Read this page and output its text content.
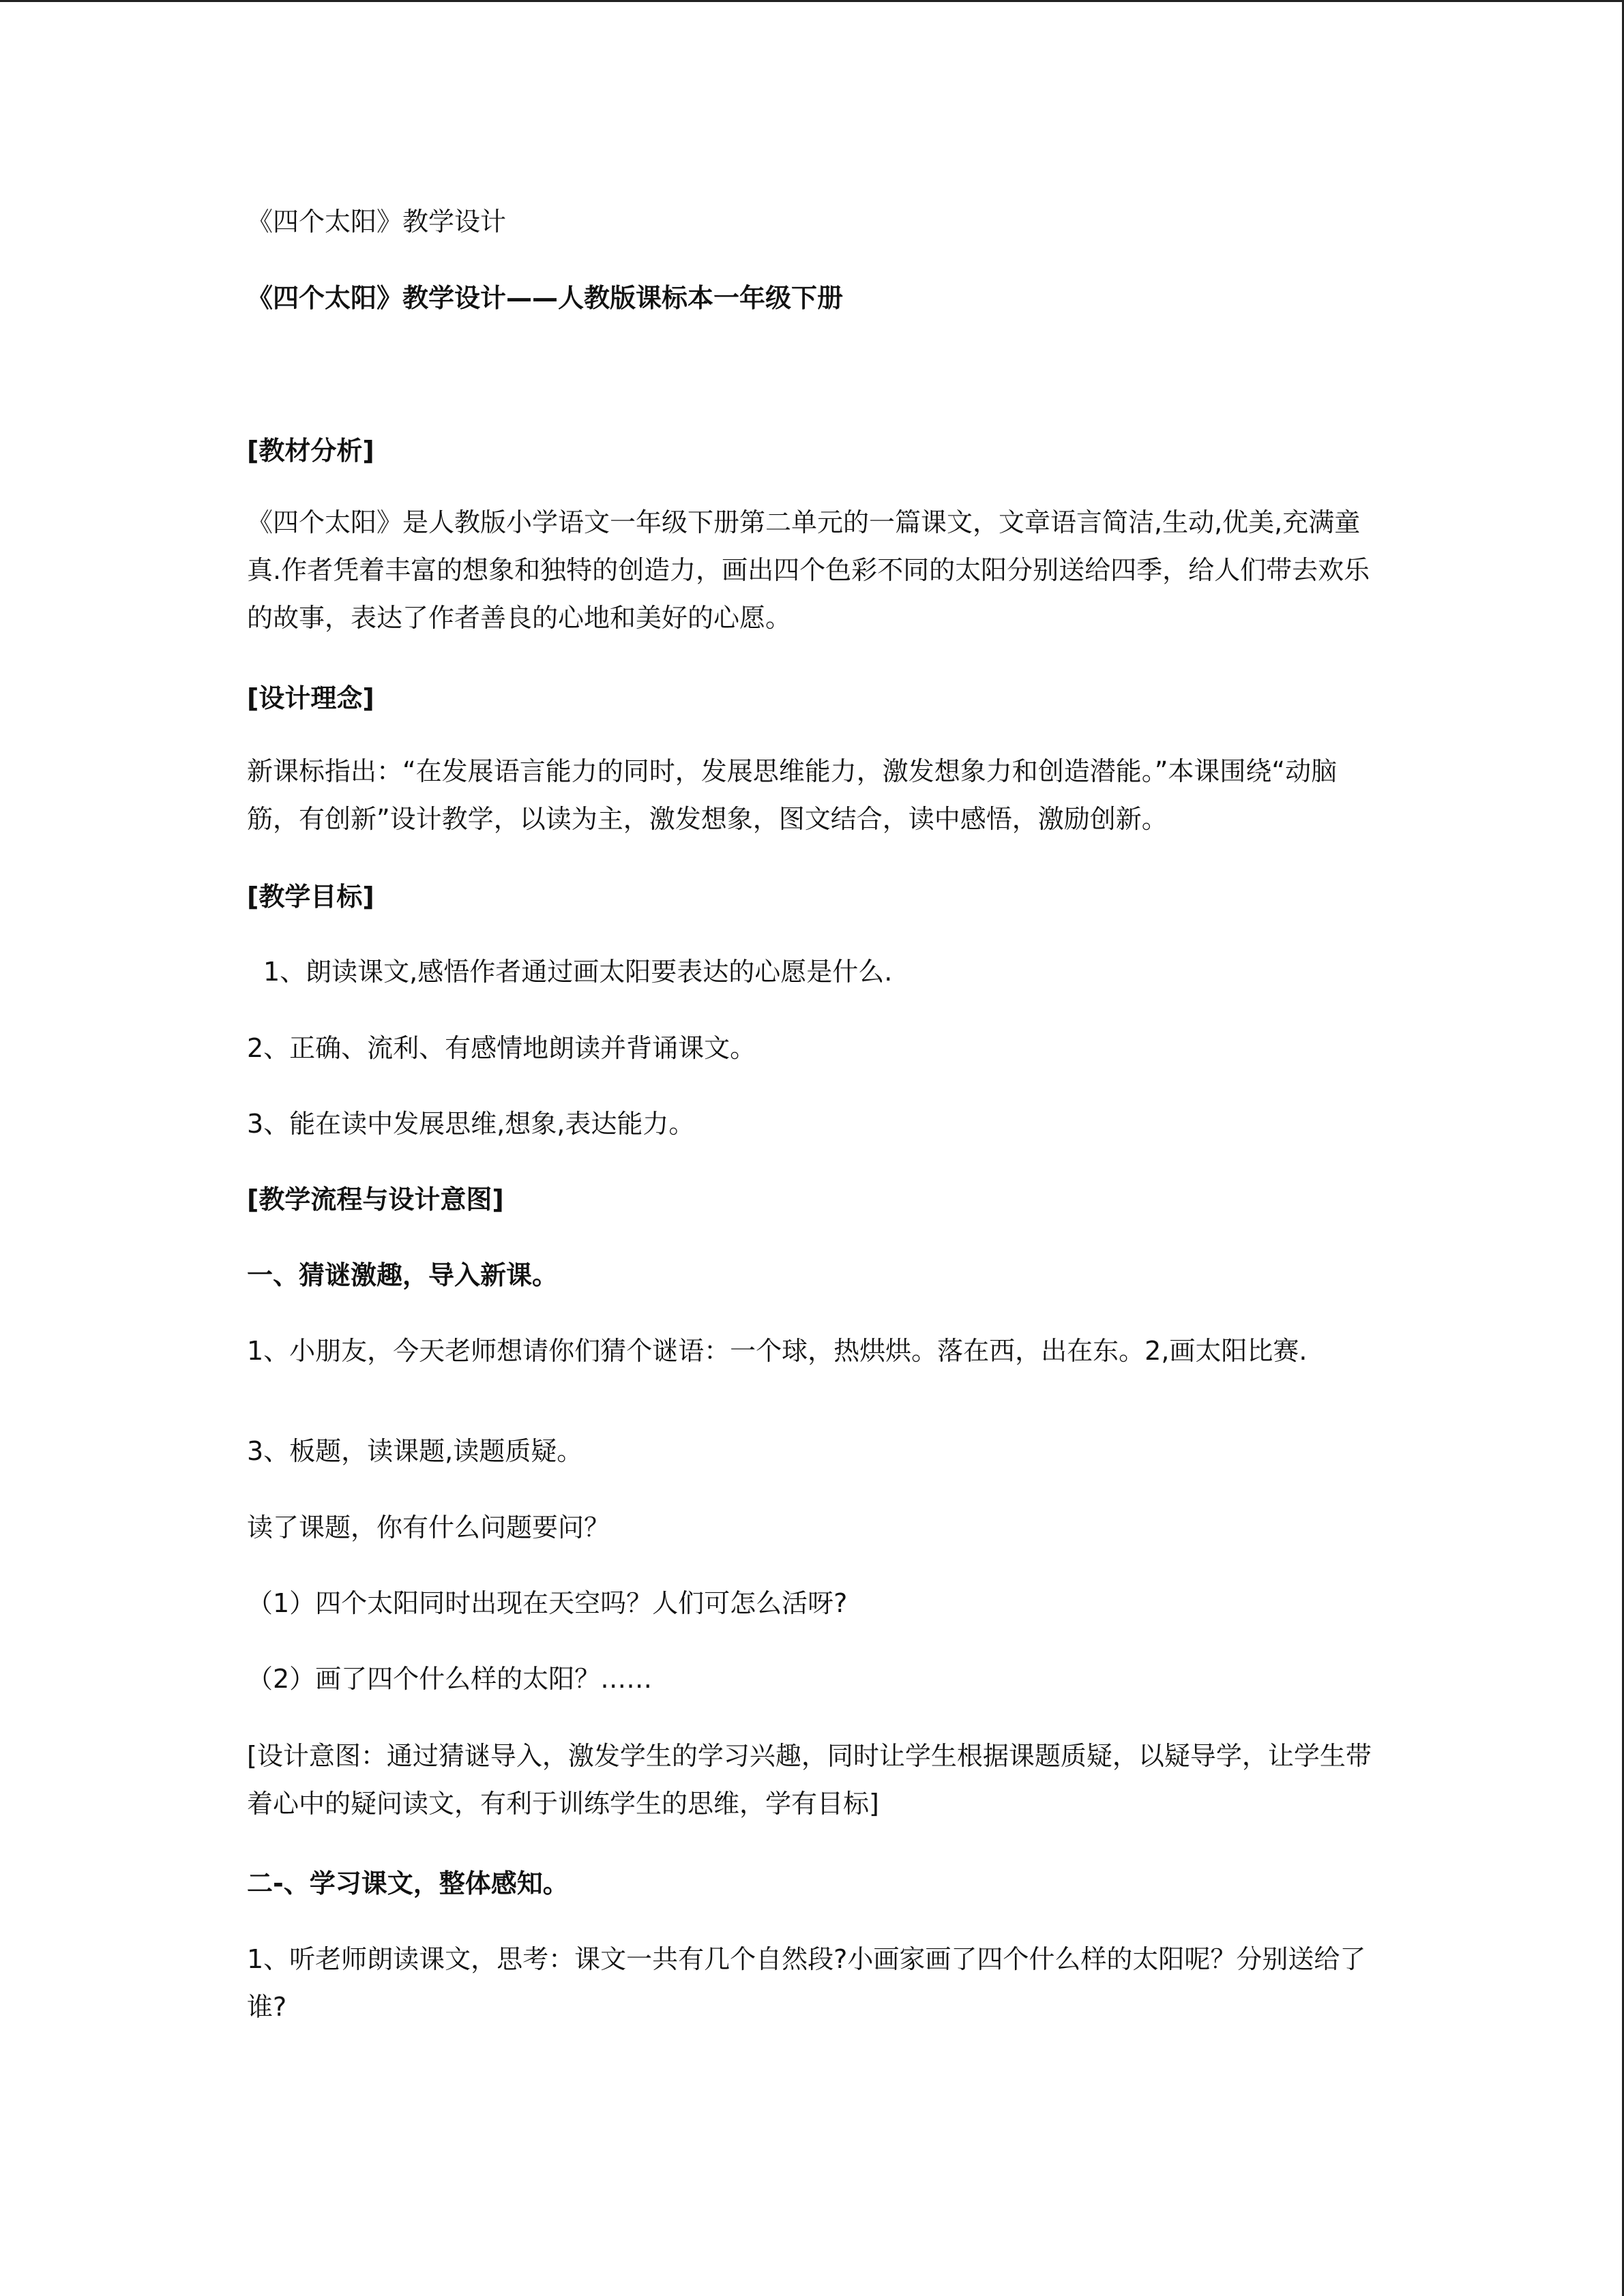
《四个太阳》教学设计

《四个太阳》教学设计——人教版课标本一年级下册

[教材分析]

《四个太阳》是人教版小学语文一年级下册第二单元的一篇课文，文章语言简洁,生动,优美,充满童真.作者凭着丰富的想象和独特的创造力，画出四个色彩不同的太阳分别送给四季，给人们带去欢乐的故事，表达了作者善良的心地和美好的心愿。

[设计理念]

新课标指出：“在发展语言能力的同时，发展思维能力，激发想象力和创造潜能。”本课围绕“动脑筋，有创新”设计教学，以读为主，激发想象，图文结合，读中感悟，激励创新。

[教学目标]

1、朗读课文,感悟作者通过画太阳要表达的心愿是什么.

2、正确、流利、有感情地朗读并背诵课文。

3、能在读中发展思维,想象,表达能力。

[教学流程与设计意图]

一、猜谜激趣，导入新课。

1、小朋友，今天老师想请你们猜个谜语：一个球，热烘烘。落在西，出在东。2,画太阳比赛.

3、板题，读课题,读题质疑。

读了课题，你有什么问题要问？

（1）四个太阳同时出现在天空吗？人们可怎么活呀?

（2）画了四个什么样的太阳？……

[设计意图：通过猜谜导入，激发学生的学习兴趣，同时让学生根据课题质疑，以疑导学，让学生带着心中的疑问读文，有利于训练学生的思维，学有目标]

二-、学习课文，整体感知。

1、听老师朗读课文，思考：课文一共有几个自然段?小画家画了四个什么样的太阳呢？分别送给了谁?
